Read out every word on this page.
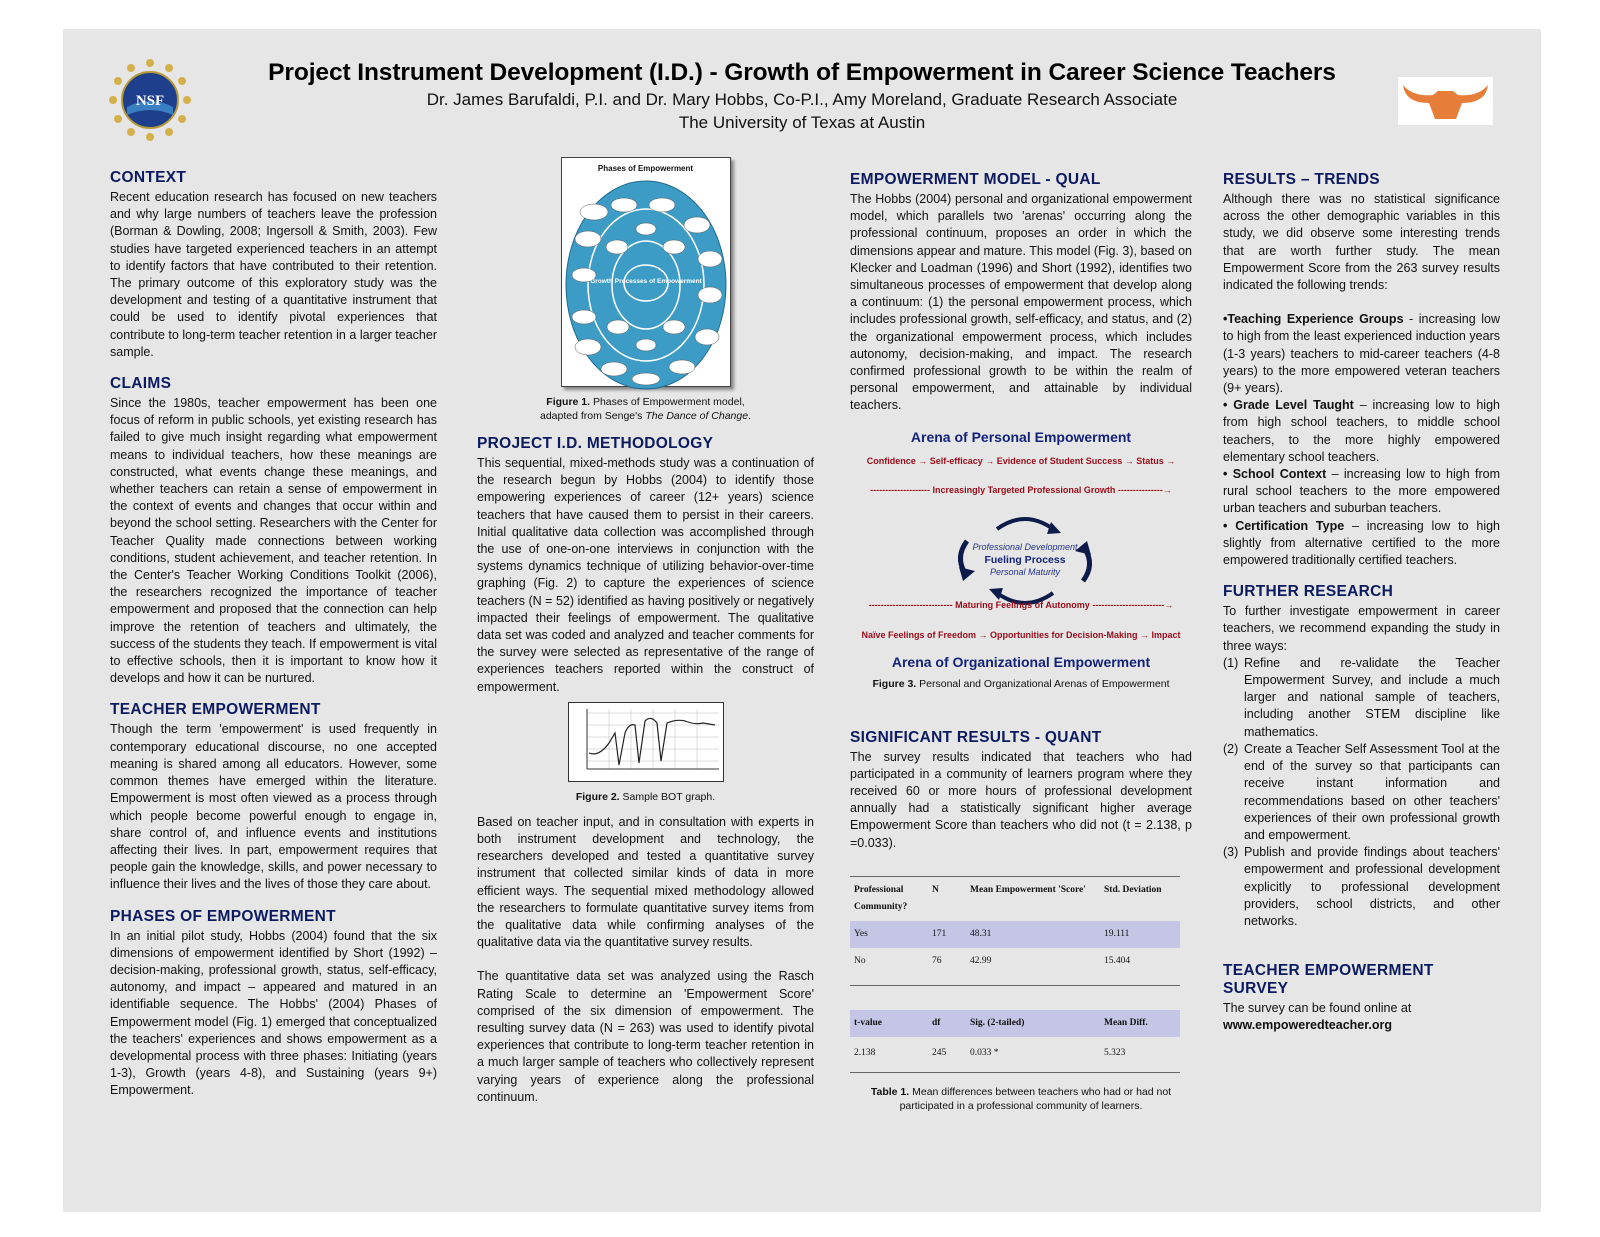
NSF
Project Instrument Development (I.D.) - Growth of Empowerment in Career Science Teachers
Dr. James Barufaldi, P.I. and Dr. Mary Hobbs, Co-P.I., Amy Moreland, Graduate Research Associate
The University of Texas at Austin
CONTEXT

Recent education research has focused on new teachers and why large numbers of teachers leave the profession (Borman & Dowling, 2008; Ingersoll & Smith, 2003). Few studies have targeted experienced teachers in an attempt to identify factors that have contributed to their retention. The primary outcome of this exploratory study was the development and testing of a quantitative instrument that could be used to identify pivotal experiences that contribute to long-term teacher retention in a larger teacher sample.

CLAIMS

Since the 1980s, teacher empowerment has been one focus of reform in public schools, yet existing research has failed to give much insight regarding what empowerment means to individual teachers, how these meanings are constructed, what events change these meanings, and whether teachers can retain a sense of empowerment in the context of events and changes that occur within and beyond the school setting. Researchers with the Center for Teacher Quality made connections between working conditions, student achievement, and teacher retention. In the Center's Teacher Working Conditions Toolkit (2006), the researchers recognized the importance of teacher empowerment and proposed that the connection can help improve the retention of teachers and ultimately, the success of the students they teach. If empowerment is vital to effective schools, then it is important to know how it develops and how it can be nurtured.

TEACHER EMPOWERMENT

Though the term 'empowerment' is used frequently in contemporary educational discourse, no one accepted meaning is shared among all educators. However, some common themes have emerged within the literature. Empowerment is most often viewed as a process through which people become powerful enough to engage in, share control of, and influence events and institutions affecting their lives. In part, empowerment requires that people gain the knowledge, skills, and power necessary to influence their lives and the lives of those they care about.

PHASES OF EMPOWERMENT

In an initial pilot study, Hobbs (2004) found that the six dimensions of empowerment identified by Short (1992) – decision-making, professional growth, status, self-efficacy, autonomy, and impact – appeared and matured in an identifiable sequence. The Hobbs' (2004) Phases of Empowerment model (Fig. 1) emerged that conceptualized the teachers' experiences and shows empowerment as a developmental process with three phases: Initiating (years 1-3), Growth (years 4-8), and Sustaining (years 9+) Empowerment.

Phases of Empowerment
Growth Processes of Empowerment
Figure 1. Phases of Empowerment model,
adapted from Senge's The Dance of Change.
PROJECT I.D. METHODOLOGY

This sequential, mixed-methods study was a continuation of the research begun by Hobbs (2004) to identify those empowering experiences of career (12+ years) science teachers that have caused them to persist in their careers. Initial qualitative data collection was accomplished through the use of one-on-one interviews in conjunction with the systems dynamics technique of utilizing behavior-over-time graphing (Fig. 2) to capture the experiences of science teachers (N = 52) identified as having positively or negatively impacted their feelings of empowerment. The qualitative data set was coded and analyzed and teacher comments for the survey were selected as representative of the range of experiences teachers reported within the construct of empowerment.

Figure 2. Sample BOT graph.

Based on teacher input, and in consultation with experts in both instrument development and technology, the researchers developed and tested a quantitative survey instrument that collected similar kinds of data in more efficient ways. The sequential mixed methodology allowed the researchers to formulate quantitative survey items from the qualitative data while confirming analyses of the qualitative data via the quantitative survey results.

The quantitative data set was analyzed using the Rasch Rating Scale to determine an 'Empowerment Score' comprised of the six dimension of empowerment. The resulting survey data (N = 263) was used to identify pivotal experiences that contribute to long-term teacher retention in a much larger sample of teachers who collectively represent varying years of experience along the professional continuum.

EMPOWERMENT MODEL - QUAL

The Hobbs (2004) personal and organizational empowerment model, which parallels two 'arenas' occurring along the professional continuum, proposes an order in which the dimensions appear and mature. This model (Fig. 3), based on Klecker and Loadman (1996) and Short (1992), identifies two simultaneous processes of empowerment that develop along a continuum: (1) the personal empowerment process, which includes professional growth, self-efficacy, and status, and (2) the organizational empowerment process, which includes autonomy, decision-making, and impact. The research confirmed professional growth to be within the realm of personal empowerment, and attainable by individual teachers.

Arena of Personal Empowerment
Confidence → Self-efficacy → Evidence of Student Success → Status →
-------------------- Increasingly Targeted Professional Growth ---------------→
Professional Development
Fueling Process
Personal Maturity
---------------------------- Maturing Feelings of Autonomy ------------------------→
Naïve Feelings of Freedom → Opportunities for Decision-Making → Impact
Arena of Organizational Empowerment
Figure 3. Personal and Organizational Arenas of Empowerment
SIGNIFICANT RESULTS - QUANT

The survey results indicated that teachers who had participated in a community of learners program where they received 60 or more hours of professional development annually had a statistically significant higher average Empowerment Score than teachers who did not (t = 2.138, p =0.033).

Professional Community?	N	Mean Empowerment 'Score'	Std. Deviation
Yes	171	48.31	19.111
No	76	42.99	15.404
t-value	df	Sig. (2-tailed)	Mean Diff.
2.138	245	0.033 *	5.323
Table 1. Mean differences between teachers who had or had not participated in a professional community of learners.
RESULTS – TRENDS

Although there was no statistical significance across the other demographic variables in this study, we did observe some interesting trends that are worth further study. The mean Empowerment Score from the 263 survey results indicated the following trends:

•Teaching Experience Groups - increasing low to high from the least experienced induction years (1-3 years) teachers to mid-career teachers (4-8 years) to the more empowered veteran teachers (9+ years).

• Grade Level Taught – increasing low to high from high school teachers, to middle school teachers, to the more highly empowered elementary school teachers.

• School Context – increasing low to high from rural school teachers to the more empowered urban teachers and suburban teachers.

• Certification Type – increasing low to high slightly from alternative certified to the more empowered traditionally certified teachers.

FURTHER RESEARCH

To further investigate empowerment in career teachers, we recommend expanding the study in three ways:

(1) Refine and re-validate the Teacher Empowerment Survey, and include a much larger and national sample of teachers, including another STEM discipline like mathematics.
(2) Create a Teacher Self Assessment Tool at the end of the survey so that participants can receive instant information and recommendations based on other teachers' experiences of their own professional growth and empowerment.
(3) Publish and provide findings about teachers' empowerment and professional development explicitly to professional development providers, school districts, and other networks.
TEACHER EMPOWERMENT SURVEY

The survey can be found online at

www.empoweredteacher.org
